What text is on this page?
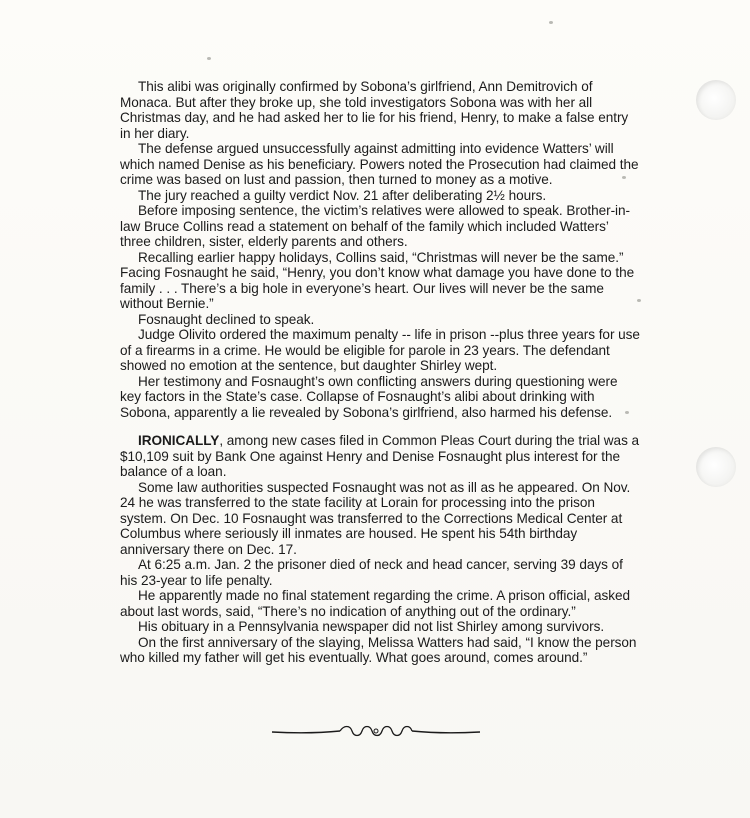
This alibi was originally confirmed by Sobona’s girlfriend, Ann Demitrovich of Monaca. But after they broke up, she told investigators Sobona was with her all Christmas day, and he had asked her to lie for his friend, Henry, to make a false entry in her diary.

The defense argued unsuccessfully against admitting into evidence Watters’ will which named Denise as his beneficiary. Powers noted the Prosecution had claimed the crime was based on lust and passion, then turned to money as a motive.

The jury reached a guilty verdict Nov. 21 after deliberating 2½ hours.

Before imposing sentence, the victim’s relatives were allowed to speak. Brother-in-law Bruce Collins read a statement on behalf of the family which included Watters’ three children, sister, elderly parents and others.

Recalling earlier happy holidays, Collins said, “Christmas will never be the same.” Facing Fosnaught he said, “Henry, you don’t know what damage you have done to the family . . . There’s a big hole in everyone’s heart. Our lives will never be the same without Bernie.”

Fosnaught declined to speak.

Judge Olivito ordered the maximum penalty -- life in prison --plus three years for use of a firearms in a crime. He would be eligible for parole in 23 years. The defendant showed no emotion at the sentence, but daughter Shirley wept.

Her testimony and Fosnaught’s own conflicting answers during questioning were key factors in the State’s case. Collapse of Fosnaught’s alibi about drinking with Sobona, apparently a lie revealed by Sobona’s girlfriend, also harmed his defense.

IRONICALLY, among new cases filed in Common Pleas Court during the trial was a $10,109 suit by Bank One against Henry and Denise Fosnaught plus interest for the balance of a loan.

Some law authorities suspected Fosnaught was not as ill as he appeared. On Nov. 24 he was transferred to the state facility at Lorain for processing into the prison system. On Dec. 10 Fosnaught was transferred to the Corrections Medical Center at Columbus where seriously ill inmates are housed. He spent his 54th birthday anniversary there on Dec. 17.

At 6:25 a.m. Jan. 2 the prisoner died of neck and head cancer, serving 39 days of his 23-year to life penalty.

He apparently made no final statement regarding the crime. A prison official, asked about last words, said, “There’s no indication of anything out of the ordinary.”

His obituary in a Pennsylvania newspaper did not list Shirley among survivors.

On the first anniversary of the slaying, Melissa Watters had said, “I know the person who killed my father will get his eventually. What goes around, comes around.”
